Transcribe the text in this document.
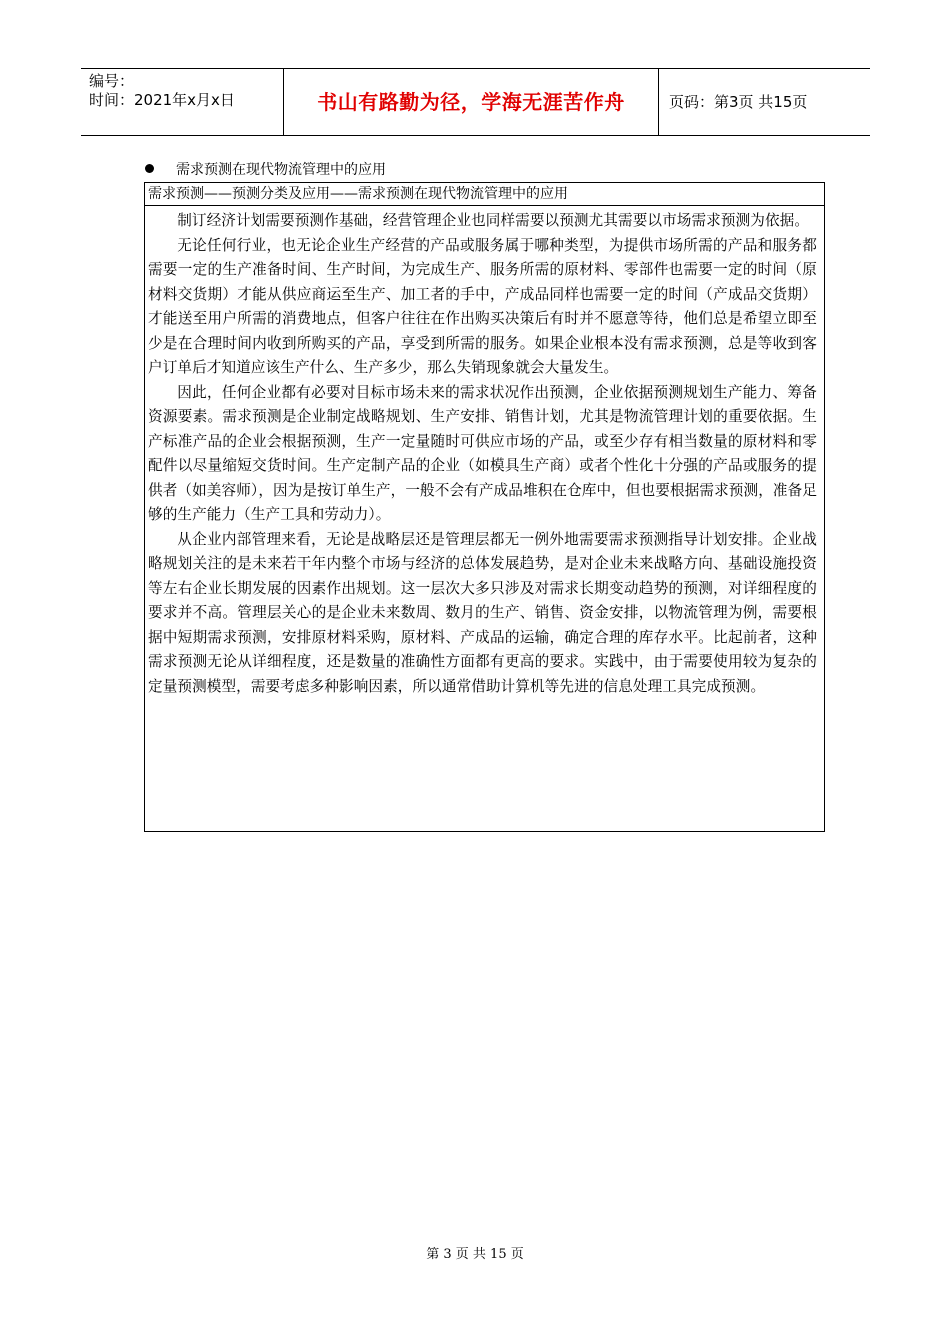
编号：
时间：2021年x月x日	书山有路勤为径，学海无涯苦作舟	页码：第3页 共15页
需求预测在现代物流管理中的应用
需求预测——预测分类及应用——需求预测在现代物流管理中的应用

制订经济计划需要预测作基础，经营管理企业也同样需要以预测尤其需要以市场需求预测为依据。

无论任何行业，也无论企业生产经营的产品或服务属于哪种类型，为提供市场所需的产品和服务都需要一定的生产准备时间、生产时间，为完成生产、服务所需的原材料、零部件也需要一定的时间（原材料交货期）才能从供应商运至生产、加工者的手中，产成品同样也需要一定的时间（产成品交货期）才能送至用户所需的消费地点，但客户往往在作出购买决策后有时并不愿意等待，他们总是希望立即至少是在合理时间内收到所购买的产品，享受到所需的服务。如果企业根本没有需求预测，总是等收到客户订单后才知道应该生产什么、生产多少，那么失销现象就会大量发生。

因此，任何企业都有必要对目标市场未来的需求状况作出预测，企业依据预测规划生产能力、筹备资源要素。需求预测是企业制定战略规划、生产安排、销售计划，尤其是物流管理计划的重要依据。生产标准产品的企业会根据预测，生产一定量随时可供应市场的产品，或至少存有相当数量的原材料和零配件以尽量缩短交货时间。生产定制产品的企业（如模具生产商）或者个性化十分强的产品或服务的提供者（如美容师），因为是按订单生产，一般不会有产成品堆积在仓库中，但也要根据需求预测，准备足够的生产能力（生产工具和劳动力）。

从企业内部管理来看，无论是战略层还是管理层都无一例外地需要需求预测指导计划安排。企业战略规划关注的是未来若干年内整个市场与经济的总体发展趋势，是对企业未来战略方向、基础设施投资等左右企业长期发展的因素作出规划。这一层次大多只涉及对需求长期变动趋势的预测，对详细程度的要求并不高。管理层关心的是企业未来数周、数月的生产、销售、资金安排，以物流管理为例，需要根据中短期需求预测，安排原材料采购，原材料、产成品的运输，确定合理的库存水平。比起前者，这种需求预测无论从详细程度，还是数量的准确性方面都有更高的要求。实践中，由于需要使用较为复杂的定量预测模型，需要考虑多种影响因素，所以通常借助计算机等先进的信息处理工具完成预测。

第 3 页 共 15 页
